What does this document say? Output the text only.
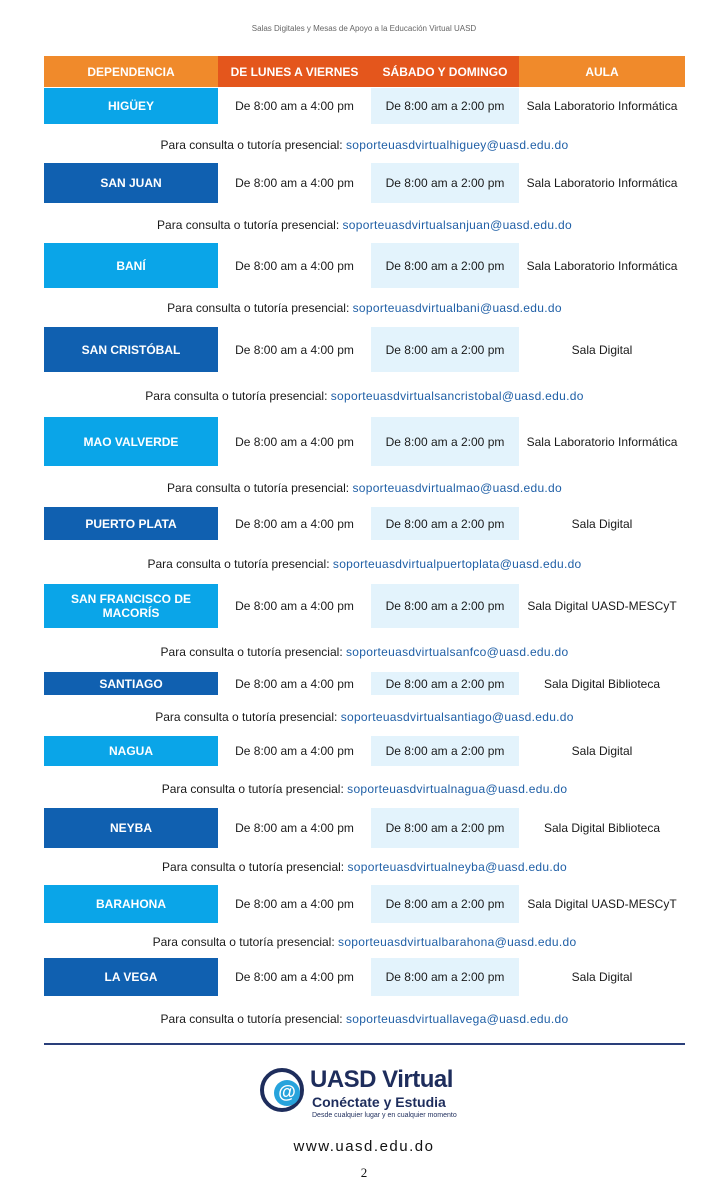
Salas Digitales y Mesas de Apoyo a la Educación Virtual UASD
DEPENDENCIA	DE LUNES A VIERNES	SÁBADO Y DOMINGO	AULA
HIGÜEY	De 8:00 am a 4:00 pm	De 8:00 am a 2:00 pm	Sala Laboratorio Informática
Para consulta o tutoría presencial: soporteuasdvirtualhiguey@uasd.edu.do
SAN JUAN	De 8:00 am a 4:00 pm	De 8:00 am a 2:00 pm	Sala Laboratorio Informática
Para consulta o tutoría presencial: soporteuasdvirtualsanjuan@uasd.edu.do
BANÍ	De 8:00 am a 4:00 pm	De 8:00 am a 2:00 pm	Sala Laboratorio Informática
Para consulta o tutoría presencial: soporteuasdvirtualbani@uasd.edu.do
SAN CRISTÓBAL	De 8:00 am a 4:00 pm	De 8:00 am a 2:00 pm	Sala Digital
Para consulta o tutoría presencial: soporteuasdvirtualsancristobal@uasd.edu.do
MAO VALVERDE	De 8:00 am a 4:00 pm	De 8:00 am a 2:00 pm	Sala Laboratorio Informática
Para consulta o tutoría presencial: soporteuasdvirtualmao@uasd.edu.do
PUERTO PLATA	De 8:00 am a 4:00 pm	De 8:00 am a 2:00 pm	Sala Digital
Para consulta o tutoría presencial: soporteuasdvirtualpuertoplata@uasd.edu.do
SAN FRANCISCO DE MACORÍS	De 8:00 am a 4:00 pm	De 8:00 am a 2:00 pm	Sala Digital UASD-MESCyT
Para consulta o tutoría presencial: soporteuasdvirtualsanfco@uasd.edu.do
SANTIAGO	De 8:00 am a 4:00 pm	De 8:00 am a 2:00 pm	Sala Digital Biblioteca
Para consulta o tutoría presencial: soporteuasdvirtualsantiago@uasd.edu.do
NAGUA	De 8:00 am a 4:00 pm	De 8:00 am a 2:00 pm	Sala Digital
Para consulta o tutoría presencial: soporteuasdvirtualnagua@uasd.edu.do
NEYBA	De 8:00 am a 4:00 pm	De 8:00 am a 2:00 pm	Sala Digital Biblioteca
Para consulta o tutoría presencial: soporteuasdvirtualneyba@uasd.edu.do
BARAHONA	De 8:00 am a 4:00 pm	De 8:00 am a 2:00 pm	Sala Digital UASD-MESCyT
Para consulta o tutoría presencial: soporteuasdvirtualbarahona@uasd.edu.do
LA VEGA	De 8:00 am a 4:00 pm	De 8:00 am a 2:00 pm	Sala Digital
Para consulta o tutoría presencial: soporteuasdvirtuallavega@uasd.edu.do
@ UASD Virtual
Conéctate y Estudia
Desde cualquier lugar y en cualquier momento
www.uasd.edu.do
2
